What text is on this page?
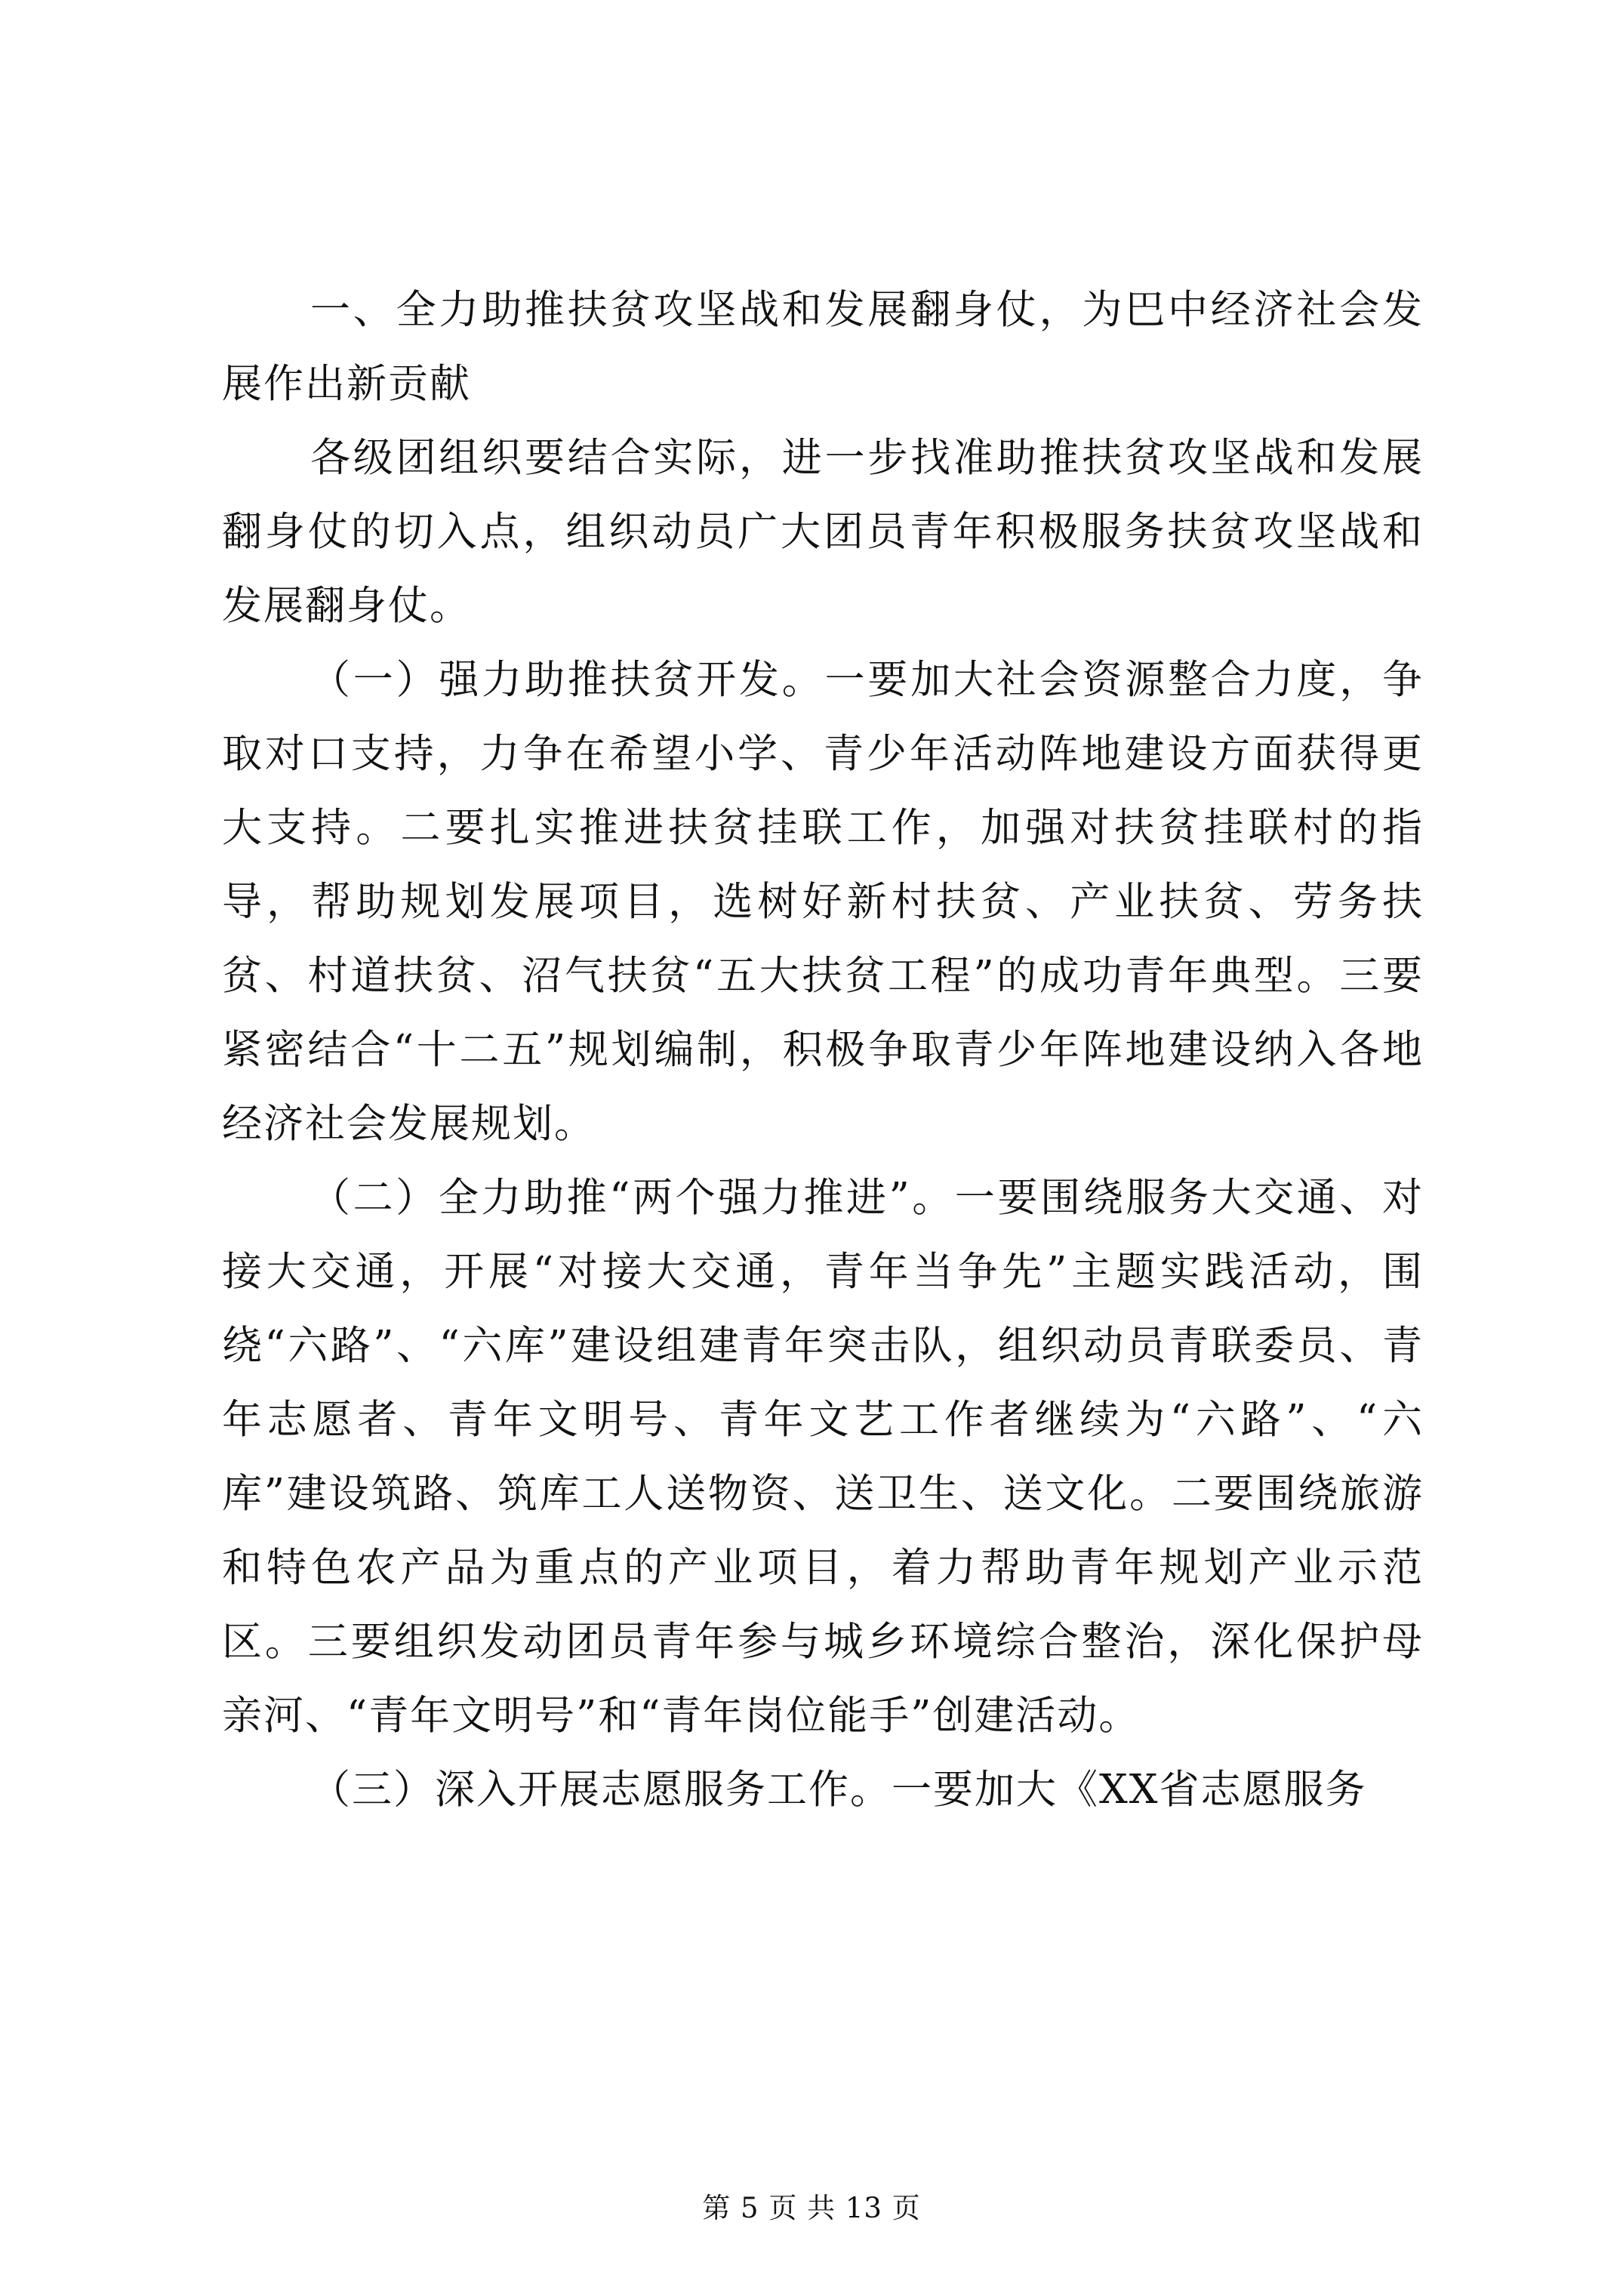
一、全力助推扶贫攻坚战和发展翻身仗，为巴中经济社会发展作出新贡献

各级团组织要结合实际，进一步找准助推扶贫攻坚战和发展翻身仗的切入点，组织动员广大团员青年积极服务扶贫攻坚战和发展翻身仗。

（一）强力助推扶贫开发。一要加大社会资源整合力度，争取对口支持，力争在希望小学、青少年活动阵地建设方面获得更大支持。二要扎实推进扶贫挂联工作，加强对扶贫挂联村的指导，帮助规划发展项目，选树好新村扶贫、产业扶贫、劳务扶贫、村道扶贫、沼气扶贫“五大扶贫工程”的成功青年典型。三要紧密结合“十二五”规划编制，积极争取青少年阵地建设纳入各地经济社会发展规划。

（二）全力助推“两个强力推进”。一要围绕服务大交通、对接大交通，开展“对接大交通，青年当争先”主题实践活动，围绕“六路”、“六库”建设组建青年突击队，组织动员青联委员、青年志愿者、青年文明号、青年文艺工作者继续为“六路”、“六库”建设筑路、筑库工人送物资、送卫生、送文化。二要围绕旅游和特色农产品为重点的产业项目，着力帮助青年规划产业示范区。三要组织发动团员青年参与城乡环境综合整治，深化保护母亲河、“青年文明号”和“青年岗位能手”创建活动。

（三）深入开展志愿服务工作。一要加大《XX省志愿服务

第 5 页 共 13 页
